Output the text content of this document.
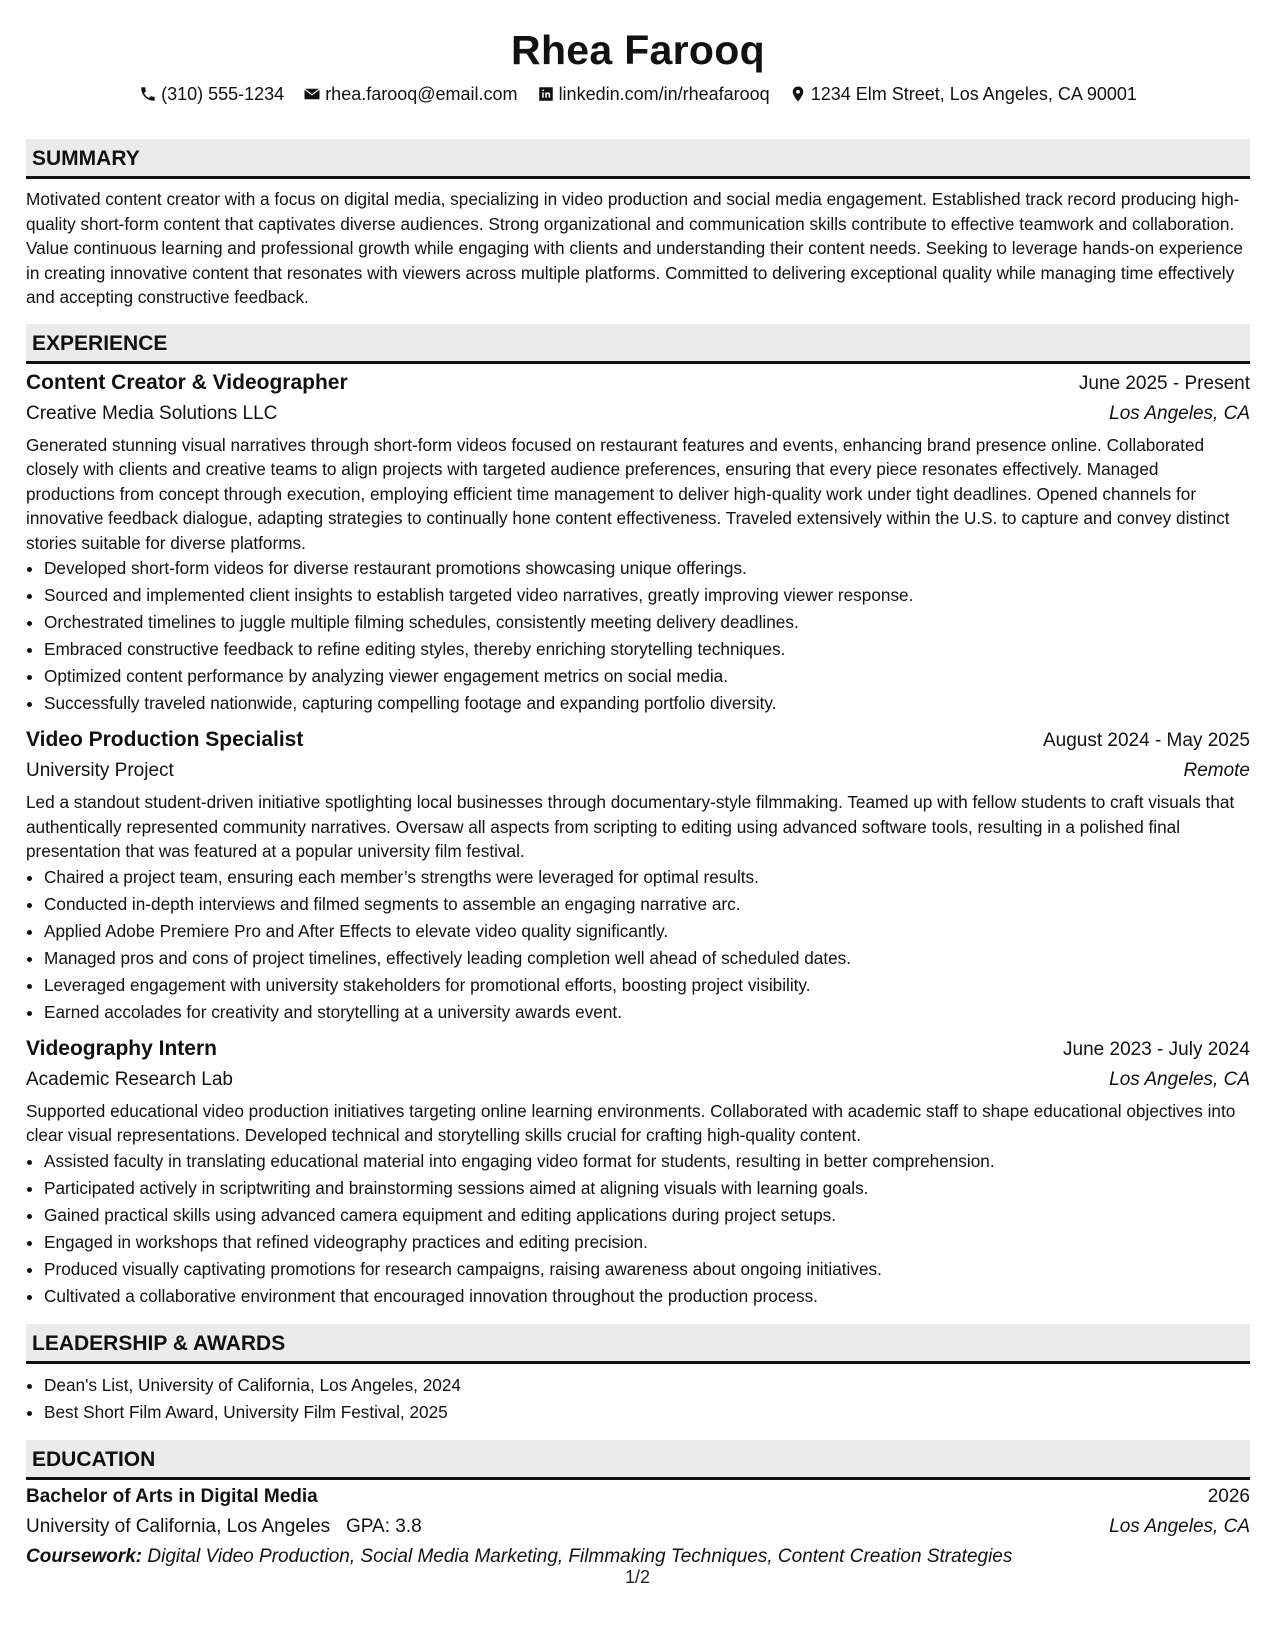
Rhea Farooq
(310) 555-1234
rhea.farooq@email.com
linkedin.com/in/rheafarooq
1234 Elm Street, Los Angeles, CA 90001
SUMMARY
Motivated content creator with a focus on digital media, specializing in video production and social media engagement. Established track record producing high-quality short-form content that captivates diverse audiences. Strong organizational and communication skills contribute to effective teamwork and collaboration. Value continuous learning and professional growth while engaging with clients and understanding their content needs. Seeking to leverage hands-on experience in creating innovative content that resonates with viewers across multiple platforms. Committed to delivering exceptional quality while managing time effectively and accepting constructive feedback.
EXPERIENCE
Content Creator & Videographer	June 2025 - Present
Creative Media Solutions LLC	Los Angeles, CA
Generated stunning visual narratives through short-form videos focused on restaurant features and events, enhancing brand presence online. Collaborated closely with clients and creative teams to align projects with targeted audience preferences, ensuring that every piece resonates effectively. Managed productions from concept through execution, employing efficient time management to deliver high-quality work under tight deadlines. Opened channels for innovative feedback dialogue, adapting strategies to continually hone content effectiveness. Traveled extensively within the U.S. to capture and convey distinct stories suitable for diverse platforms.
• Developed short-form videos for diverse restaurant promotions showcasing unique offerings.
• Sourced and implemented client insights to establish targeted video narratives, greatly improving viewer response.
• Orchestrated timelines to juggle multiple filming schedules, consistently meeting delivery deadlines.
• Embraced constructive feedback to refine editing styles, thereby enriching storytelling techniques.
• Optimized content performance by analyzing viewer engagement metrics on social media.
• Successfully traveled nationwide, capturing compelling footage and expanding portfolio diversity.
Video Production Specialist	August 2024 - May 2025
University Project	Remote
Led a standout student-driven initiative spotlighting local businesses through documentary-style filmmaking. Teamed up with fellow students to craft visuals that authentically represented community narratives. Oversaw all aspects from scripting to editing using advanced software tools, resulting in a polished final presentation that was featured at a popular university film festival.
• Chaired a project team, ensuring each member’s strengths were leveraged for optimal results.
• Conducted in-depth interviews and filmed segments to assemble an engaging narrative arc.
• Applied Adobe Premiere Pro and After Effects to elevate video quality significantly.
• Managed pros and cons of project timelines, effectively leading completion well ahead of scheduled dates.
• Leveraged engagement with university stakeholders for promotional efforts, boosting project visibility.
• Earned accolades for creativity and storytelling at a university awards event.
Videography Intern	June 2023 - July 2024
Academic Research Lab	Los Angeles, CA
Supported educational video production initiatives targeting online learning environments. Collaborated with academic staff to shape educational objectives into clear visual representations. Developed technical and storytelling skills crucial for crafting high-quality content.
• Assisted faculty in translating educational material into engaging video format for students, resulting in better comprehension.
• Participated actively in scriptwriting and brainstorming sessions aimed at aligning visuals with learning goals.
• Gained practical skills using advanced camera equipment and editing applications during project setups.
• Engaged in workshops that refined videography practices and editing precision.
• Produced visually captivating promotions for research campaigns, raising awareness about ongoing initiatives.
• Cultivated a collaborative environment that encouraged innovation throughout the production process.
LEADERSHIP & AWARDS
• Dean's List, University of California, Los Angeles, 2024
• Best Short Film Award, University Film Festival, 2025
EDUCATION
Bachelor of Arts in Digital Media	2026
University of California, Los Angeles GPA: 3.8	Los Angeles, CA
Coursework: Digital Video Production, Social Media Marketing, Filmmaking Techniques, Content Creation Strategies
1/2
